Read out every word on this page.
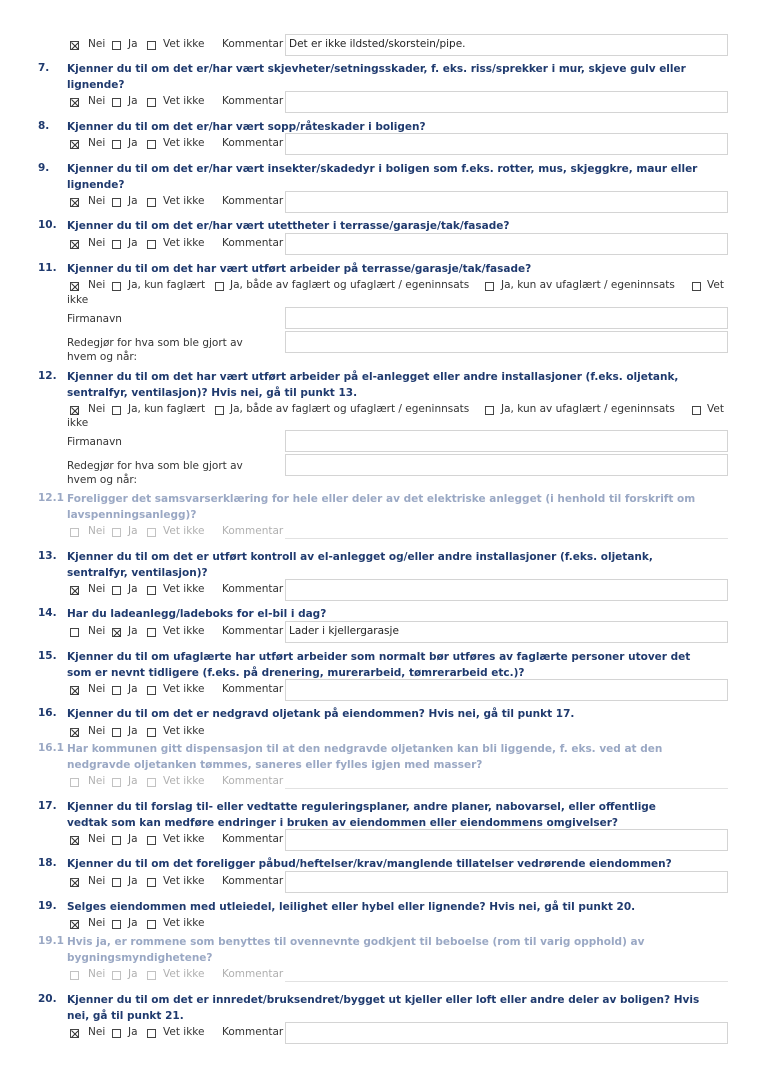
Nei Ja Vet ikke Kommentar Det er ikke ildsted/skorstein/pipe.
7. Kjenner du til om det er/har vært skjevheter/setningsskader, f. eks. riss/sprekker i mur, skjeve gulv eller
lignende?
Nei Ja Vet ikke Kommentar
8. Kjenner du til om det er/har vært sopp/råteskader i boligen?
Nei Ja Vet ikke Kommentar
9. Kjenner du til om det er/har vært insekter/skadedyr i boligen som f.eks. rotter, mus, skjeggkre, maur eller
lignende?
Nei Ja Vet ikke Kommentar
10. Kjenner du til om det er/har vært utettheter i terrasse/garasje/tak/fasade?
Nei Ja Vet ikke Kommentar
11. Kjenner du til om det har vært utført arbeider på terrasse/garasje/tak/fasade?
Nei Ja, kun faglært Ja, både av faglært og ufaglært / egeninnsats	Ja, kun av ufaglært / egeninnsats	Vet
ikke
Firmanavn
Redegjør for hva som ble gjort av
hvem og når:
12. Kjenner du til om det har vært utført arbeider på el-anlegget eller andre installasjoner (f.eks. oljetank,
sentralfyr, ventilasjon)? Hvis nei, gå til punkt 13.
Nei Ja, kun faglært Ja, både av faglært og ufaglært / egeninnsats	Ja, kun av ufaglært / egeninnsats	Vet
ikke
Firmanavn
Redegjør for hva som ble gjort av
hvem og når:
12.1 Foreligger det samsvarserklæring for hele eller deler av det elektriske anlegget (i henhold til forskrift om
lavspenningsanlegg)?
Nei Ja Vet ikke Kommentar
13. Kjenner du til om det er utført kontroll av el-anlegget og/eller andre installasjoner (f.eks. oljetank,
sentralfyr, ventilasjon)?
Nei Ja Vet ikke Kommentar
14. Har du ladeanlegg/ladeboks for el-bil i dag?
Nei Ja Vet ikke Kommentar Lader i kjellergarasje
15. Kjenner du til om ufaglærte har utført arbeider som normalt bør utføres av faglærte personer utover det
som er nevnt tidligere (f.eks. på drenering, murerarbeid, tømrerarbeid etc.)?
Nei Ja Vet ikke Kommentar
16. Kjenner du til om det er nedgravd oljetank på eiendommen? Hvis nei, gå til punkt 17.
Nei Ja Vet ikke
16.1 Har kommunen gitt dispensasjon til at den nedgravde oljetanken kan bli liggende, f. eks. ved at den
nedgravde oljetanken tømmes, saneres eller fylles igjen med masser?
Nei Ja Vet ikke Kommentar
17. Kjenner du til forslag til- eller vedtatte reguleringsplaner, andre planer, nabovarsel, eller offentlige
vedtak som kan medføre endringer i bruken av eiendommen eller eiendommens omgivelser?
Nei Ja Vet ikke Kommentar
18. Kjenner du til om det foreligger påbud/heftelser/krav/manglende tillatelser vedrørende eiendommen?
Nei Ja Vet ikke Kommentar
19. Selges eiendommen med utleiedel, leilighet eller hybel eller lignende? Hvis nei, gå til punkt 20.
Nei Ja Vet ikke
19.1 Hvis ja, er rommene som benyttes til ovennevnte godkjent til beboelse (rom til varig opphold) av
bygningsmyndighetene?
Nei Ja Vet ikke Kommentar
20. Kjenner du til om det er innredet/bruksendret/bygget ut kjeller eller loft eller andre deler av boligen? Hvis
nei, gå til punkt 21.
Nei Ja Vet ikke Kommentar
